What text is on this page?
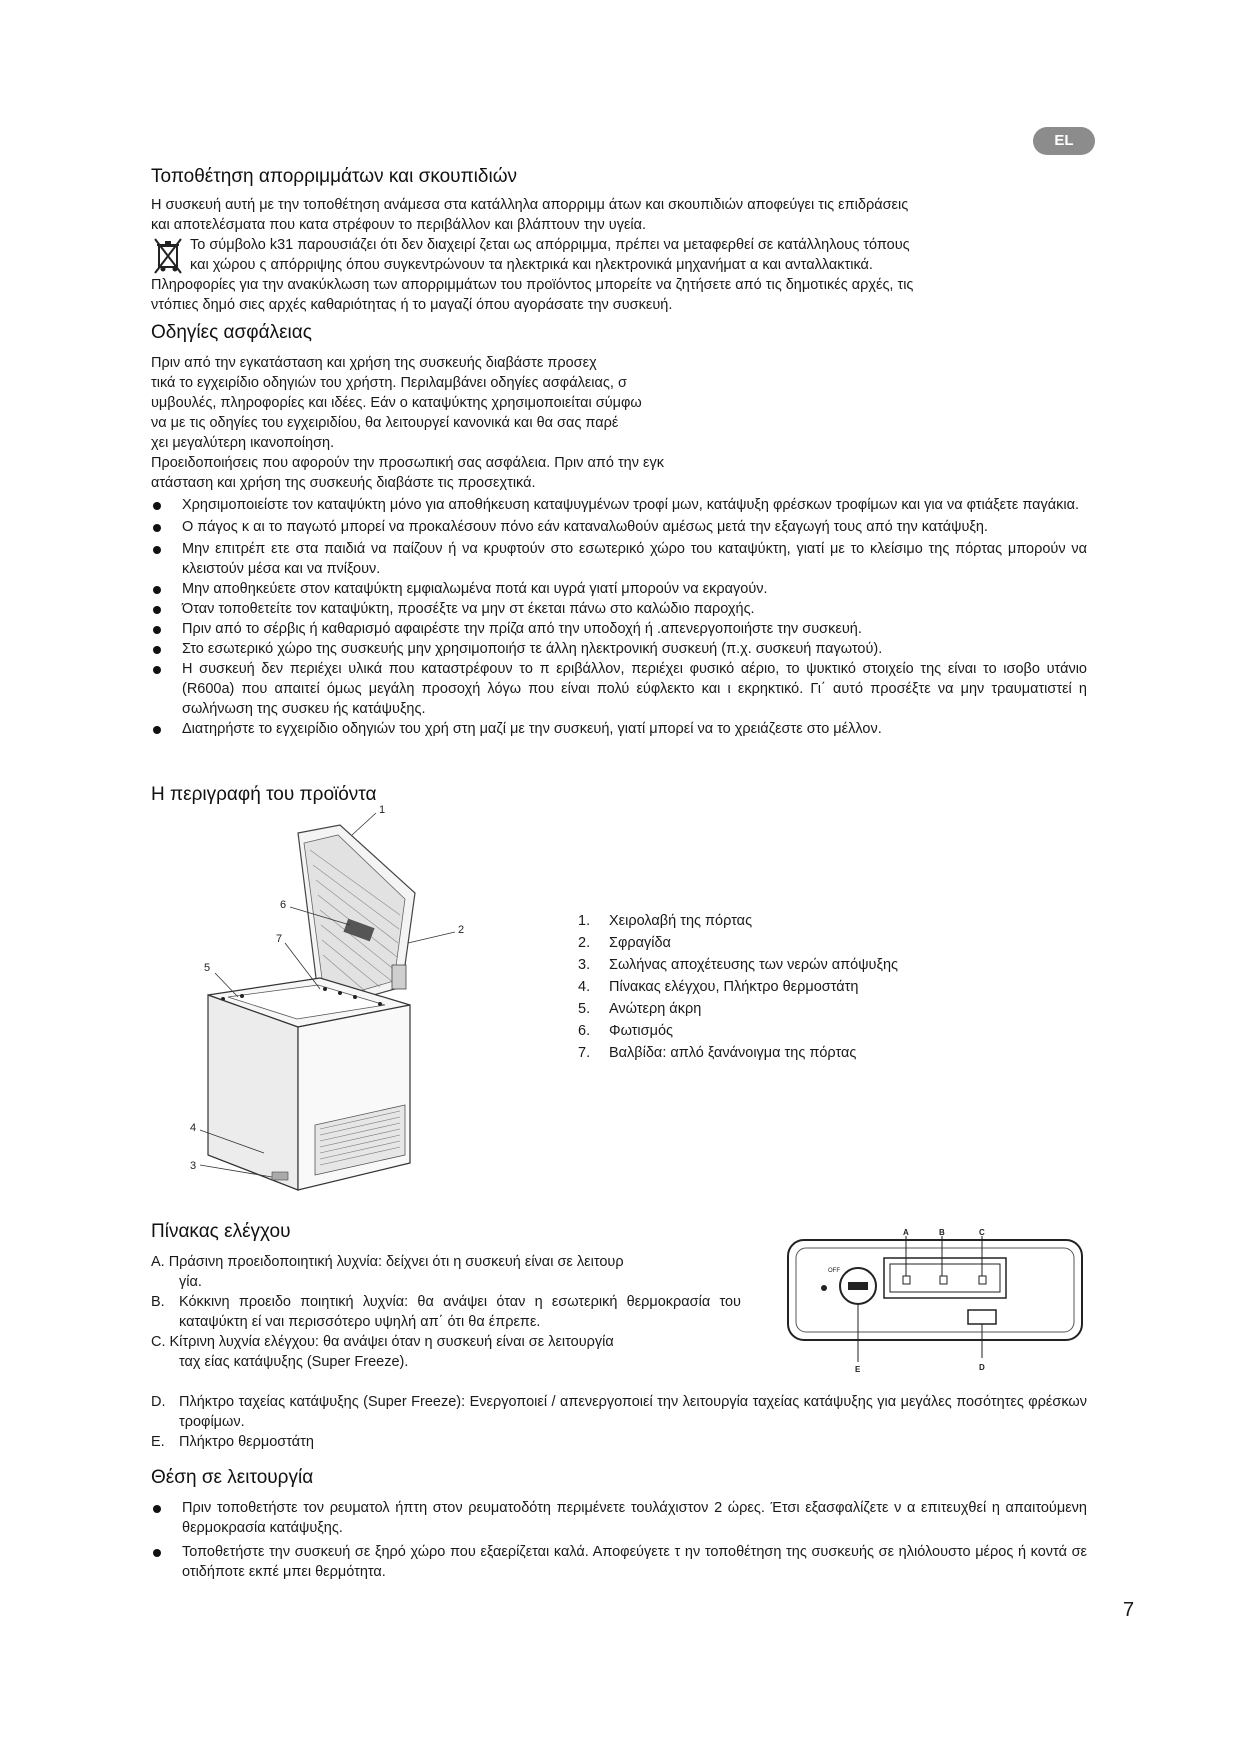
EL
Τοποθέτηση απορριμμάτων και σκουπιδιών
Η συσκευή αυτή με την τοποθέτηση ανάμεσα στα κατάλληλα απορριμμ άτων και σκουπιδιών αποφεύγει τις επιδράσεις
και αποτελέσματα που κατα στρέφουν το περιβάλλον και βλάπτουν την υγεία.
Το σύμβολο k31 παρουσιάζει ότι δεν διαχειρί ζεται ως απόρριμμα, πρέπει να μεταφερθεί σε κατάλληλους τόπους
και χώρου ς απόρριψης όπου συγκεντρώνουν τα ηλεκτρικά και ηλεκτρονικά μηχανήματ α και ανταλλακτικά.
Πληροφορίες για την ανακύκλωση των απορριμμάτων του προϊόντος μπορείτε να ζητήσετε από τις δημοτικές αρχές, τις
ντόπιες δημό σιες αρχές καθαριότητας ή το μαγαζί όπου αγοράσατε την συσκευή.
Οδηγίες ασφάλειας
Πριν από την εγκατάσταση και χρήση της συσκευής διαβάστε προσεχ
τικά το εγχειρίδιο οδηγιών του χρήστη. Περιλαμβάνει οδηγίες ασφάλειας, σ
υμβουλές, πληροφορίες και ιδέες. Εάν ο καταψύκτης χρησιμοποιείται σύμφω
να με τις οδηγίες του εγχειριδίου, θα λειτουργεί κανονικά και θα σας παρέ
χει μεγαλύτερη ικανοποίηση.
Προειδοποιήσεις που αφορούν την προσωπική σας ασφάλεια. Πριν από την εγκ
ατάσταση και χρήση της συσκευής διαβάστε τις προσεχτικά.
Χρησιμοποιείστε τον καταψύκτη μόνο για αποθήκευση καταψυγμένων τροφί μων, κατάψυξη φρέσκων τροφίμων και για να φτιάξετε παγάκια.
Ο πάγος κ αι το παγωτό μπορεί να προκαλέσουν πόνο εάν καταναλωθούν αμέσως μετά την εξαγωγή τους από την κατάψυξη.
Μην επιτρέπ ετε στα παιδιά να παίζουν ή να κρυφτούν στο εσωτερικό χώρο του καταψύκτη, γιατί με το κλείσιμο της πόρτας μπορούν να κλειστούν μέσα και να πνίξουν.
Μην αποθηκεύετε στον καταψύκτη εμφιαλωμένα ποτά και υγρά γιατί μπορούν να εκραγούν.
Όταν τοποθετείτε τον καταψύκτη, προσέξτε να μην στ έκεται πάνω στο καλώδιο παροχής.
Πριν από το σέρβις ή καθαρισμό αφαιρέστε την πρίζα από την υποδοχή ή .απενεργοποιήστε την συσκευή.
Στο εσωτερικό χώρο της συσκευής μην χρησιμοποιήσ τε άλλη ηλεκτρονική συσκευή (π.χ. συσκευή παγωτού).
Η συσκευή δεν περιέχει υλικά που καταστρέφουν το π εριβάλλον, περιέχει φυσικό αέριο, το ψυκτικό στοιχείο της είναι το ισοβο υτάνιο (R600a) που απαιτεί όμως μεγάλη προσοχή λόγω που είναι πολύ εύφλεκτο και ι εκρηκτικό. Γι΄ αυτό προσέξτε να μην τραυματιστεί η σωλήνωση της συσκευ ής κατάψυξης.
Διατηρήστε το εγχειρίδιο οδηγιών του χρή στη μαζί με την συσκευή, γιατί μπορεί να το χρειάζεστε στο μέλλον.
Η περιγραφή του προϊόντα
1
2
3
4
5
6
7
1.	Χειρολαβή της πόρτας
2.	Σφραγίδα
3.	Σωλήνας αποχέτευσης των νερών απόψυξης
4.	Πίνακας ελέγχου, Πλήκτρο θερμοστάτη
5.	Ανώτερη άκρη
6.	Φωτισμός
7.	Βαλβίδα: απλό ξανάνοιγμα της πόρτας
Πίνακας ελέγχου
A. Πράσινη προειδοποιητική λυχνία: δείχνει ότι η συσκευή είναι σε λειτουρ
γία.
B. Κόκκινη προειδο ποιητική λυχνία: θα ανάψει όταν η εσωτερική θερμοκρασία του καταψύκτη εί ναι περισσότερο υψηλή απ΄ ότι θα έπρεπε.
C. Κίτρινη λυχνία ελέγχου: θα ανάψει όταν η συσκευή είναι σε λειτουργία
ταχ είας κατάψυξης (Super Freeze).
D. Πλήκτρο ταχείας κατάψυξης (Super Freeze): Ενεργοποιεί / απενεργοποιεί την λειτουργία ταχείας κατάψυξης για μεγάλες ποσότητες φρέσκων τροφίμων.
E. Πλήκτρο θερμοστάτη
OFF
A	B	C
D
E
Θέση σε λειτουργία
Πριν τοποθετήστε τον ρευματολ ήπτη στον ρευματοδότη περιμένετε τουλάχιστον 2 ώρες. Έτσι εξασφαλίζετε ν α επιτευχθεί η απαιτούμενη θερμοκρασία κατάψυξης.
Τοποθετήστε την συσκευή σε ξηρό χώρο που εξαερίζεται καλά. Αποφεύγετε τ ην τοποθέτηση της συσκευής σε ηλιόλουστο μέρος ή κοντά σε οτιδήποτε εκπέ μπει θερμότητα.
7
